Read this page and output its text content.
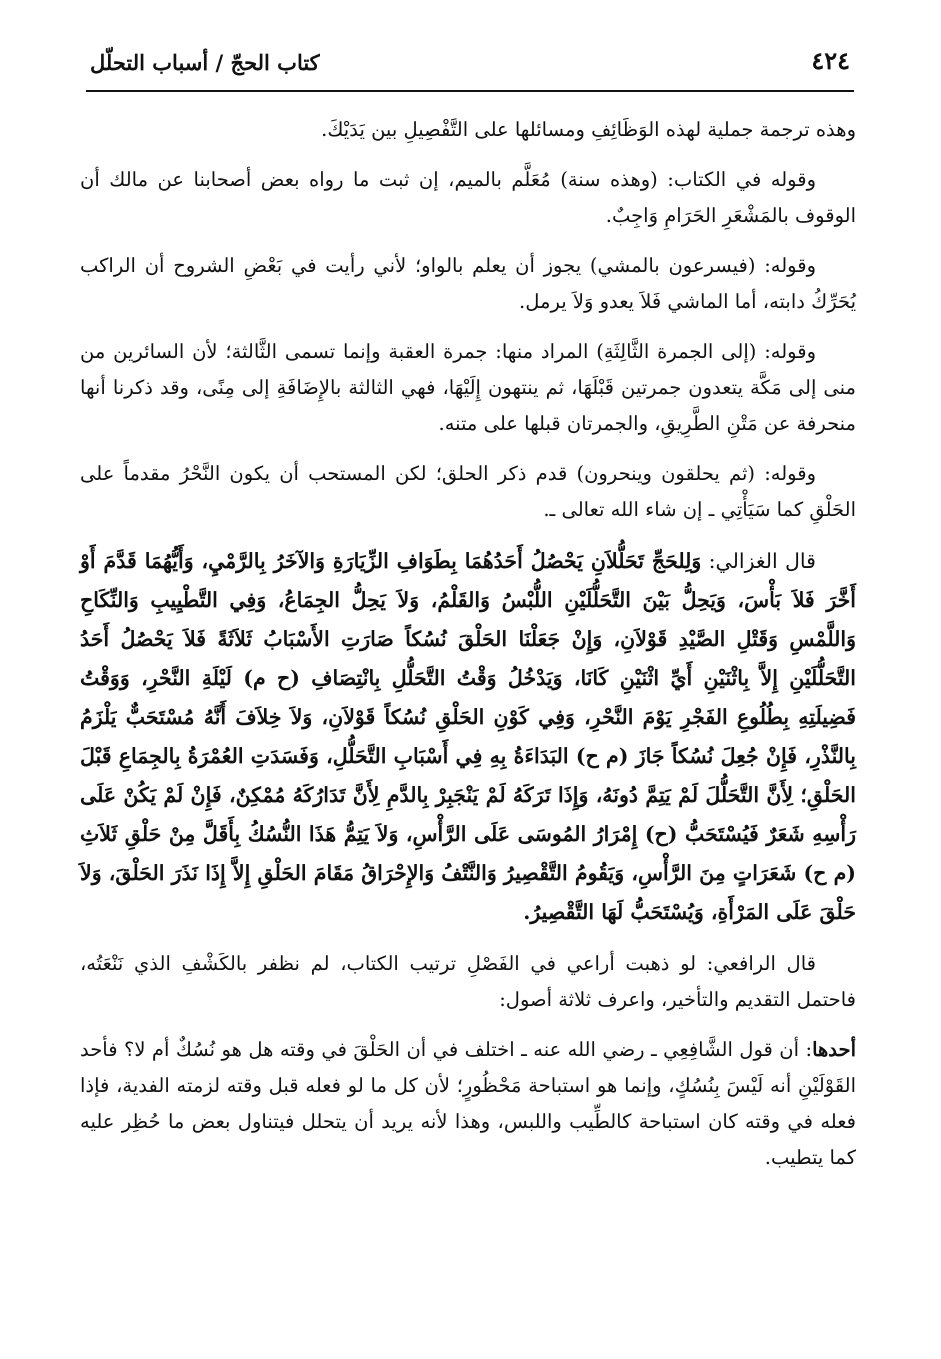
٤٢٤
كتاب الحجّ / أسباب التحلّل

وهذه ترجمة جملية لهذه الوَظَائِفِ ومسائلها على التَّفْصِيلِ بين يَدَيْكَ.

وقوله في الكتاب: (وهذه سنة) مُعَلَّم بالميم، إن ثبت ما رواه بعض أصحابنا عن مالك أن الوقوف بالمَشْعَرِ الحَرَامِ وَاجِبٌ.

وقوله: (فيسرعون بالمشي) يجوز أن يعلم بالواو؛ لأني رأيت في بَعْضِ الشروح أن الراكب يُحَرِّكُ دابته، أما الماشي فَلاَ يعدو وَلاَ يرمل.

وقوله: (إلى الجمرة الثَّالِثَةِ) المراد منها: جمرة العقبة وإنما تسمى الثَّالثة؛ لأن السائرين من منى إلى مَكَّة يتعدون جمرتين قَبْلَهَا، ثم ينتهون إِلَيْهَا، فهي الثالثة بالإِضَافَةِ إلى مِنًى، وقد ذكرنا أنها منحرفة عن مَتْنِ الطَّرِيقِ، والجمرتان قبلها على متنه.

وقوله: (ثم يحلقون وينحرون) قدم ذكر الحلق؛ لكن المستحب أن يكون النَّحْرُ مقدماً على الحَلْقِ كما سَيَأْتِي ـ إن شاء الله تعالى ـ.

قال الغزالي: وَلِلحَجِّ تَحَلُّلاَنِ يَحْصُلُ أَحَدُهُمَا بِطَوَافِ الزِّيَارَةِ وَالآخَرُ بِالرَّمْيِ، وَأَيُّهُمَا قَدَّمَ أَوْ أَخَّرَ فَلاَ بَأْسَ، وَيَحِلُّ بَيْنَ التَّحَلُّلَيْنِ اللُّبْسُ وَالقَلْمُ، وَلاَ يَحِلُّ الجِمَاعُ، وَفِي التَّطْيِيبِ وَالنِّكَاحِ وَاللَّمْسِ وَقَتْلِ الصَّيْدِ قَوْلاَنِ، وَإِنْ جَعَلْنَا الحَلْقَ نُسُكاً صَارَتِ الأَسْبَابُ ثَلاَثَةً فَلاَ يَحْصُلُ أَحَدُ التَّحَلُّلَيْنِ إِلاَّ بِاثْنَيْنِ أَيِّ اثْنَيْنِ كَانَا، وَيَدْخُلُ وَقْتُ التَّحَلُّلِ بِانْتِصَافِ (ح م) لَيْلَةِ النَّحْرِ، وَوَقْتُ فَضِيلَتِهِ بِطُلُوعِ الفَجْرِ يَوْمَ النَّحْرِ، وَفِي كَوْنِ الحَلْقِ نُسُكاً قَوْلاَنِ، وَلاَ خِلاَفَ أَنَّهُ مُسْتَحَبٌّ يَلْزَمُ بِالنَّذْرِ، فَإِنْ جُعِلَ نُسُكاً جَازَ (م ح) البَدَاءَةُ بِهِ فِي أَسْبَابِ التَّحَلُّلِ، وَفَسَدَتِ العُمْرَةُ بِالجِمَاعِ قَبْلَ الحَلْقِ؛ لِأَنَّ التَّحَلُّلَ لَمْ يَتِمَّ دُونَهُ، وَإِذَا تَرَكَهُ لَمْ يَنْجَبِرْ بِالدَّمِ لِأَنَّ تَدَارُكَهُ مُمْكِنٌ، فَإِنْ لَمْ يَكُنْ عَلَى رَأْسِهِ شَعَرٌ فَيُسْتَحَبُّ (ح) إِمْرَارُ المُوسَى عَلَى الرَّأْسِ، وَلاَ يَتِمُّ هَذَا النُّسُكُ بِأَقَلَّ مِنْ حَلْقِ ثَلاَثِ (م ح) شَعَرَاتٍ مِنَ الرَّأْسِ، وَيَقُومُ التَّقْصِيرُ وَالنَّتْفُ وَالإِحْرَاقُ مَقَامَ الحَلْقِ إِلاَّ إِذَا نَذَرَ الحَلْقَ، وَلاَ حَلْقَ عَلَى المَرْأَةِ، وَيُسْتَحَبُّ لَهَا التَّقْصِيرُ.

قال الرافعي: لو ذهبت أراعي في الفَصْلِ ترتيب الكتاب، لم نظفر بالكَشْفِ الذي نَنْعَتُه، فاحتمل التقديم والتأخير، واعرف ثلاثة أصول:

أحدها: أن قول الشَّافِعِي ـ رضي الله عنه ـ اختلف في أن الحَلْقَ في وقته هل هو نُسُكٌ أم لا؟ فأحد القَوْلَيْنِ أنه لَيْسَ بِنُسُكٍ، وإنما هو استباحة مَحْظُورٍ؛ لأن كل ما لو فعله قبل وقته لزمته الفدية، فإذا فعله في وقته كان استباحة كالطِّيب واللبس، وهذا لأنه يريد أن يتحلل فيتناول بعض ما حُظِر عليه كما يتطيب.
